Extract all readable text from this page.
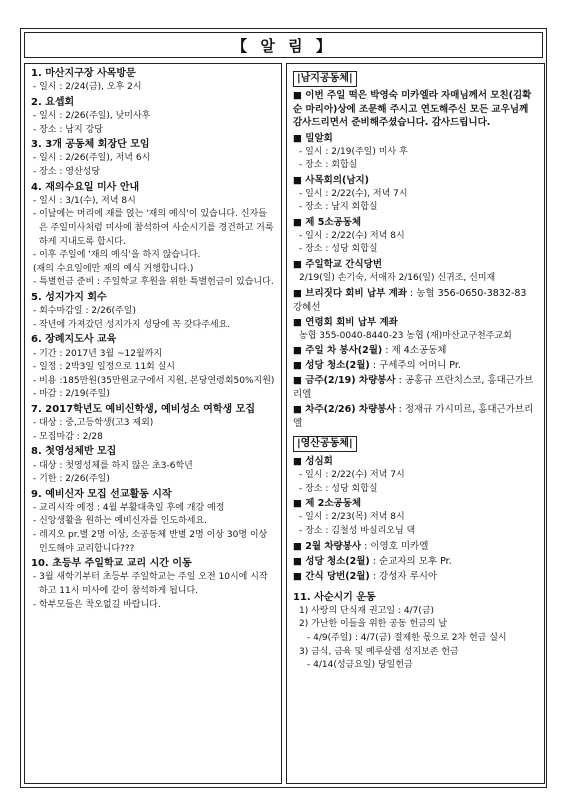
【 알 림 】
1. 마산지구장 사목방문
- 일시 : 2/24(금), 오후 2시
2. 요셉회
- 일시 : 2/26(주일), 낮미사후
- 장소 : 남지 강당
3. 3개 공동체 회장단 모임
- 일시 : 2/26(주일), 저녁 6시
- 장소 : 영산성당
4. 재의수요일 미사 안내
- 일시 : 3/1(수), 저녁 8시
- 이날에는 머리에 재를 얹는 '재의 예식'이 있습니다. 신자들은 주일미사처럼 미사에 참석하여 사순시기를 경건하고 거룩하게 지내도록 합시다.
- 이후 주일에 '재의 예식'을 하지 않습니다.
(재의 수요일에만 재의 예식 거행합니다.)
- 특별헌금 준비 : 주일학교 후원을 위한 특별헌금이 있습니다.
5. 성지가지 회수
- 회수마감일 : 2/26(주일)
- 작년에 가져갔던 성지가지 성당에 꼭 갖다주세요.
6. 장례지도사 교육
- 기간 : 2017년 3월 ~12월까지
- 일정 : 2박3일 일정으로 11회 실시
- 비용 :185만원(35만원교구에서 지원, 본당연령회50%지원)
- 마감 : 2/19(주일)
7. 2017학년도 예비신학생, 예비성소 여학생 모집
- 대상 : 중,고등학생(고3 제외)
- 모집마감 : 2/28
8. 첫영성체반 모집
- 대상 : 첫영성체를 하지 않은 초3-6학년
- 기한 : 2/26(주일)
9. 예비신자 모집 선교활동 시작
- 교리시작 예정 : 4월 부활대축일 후에 개강 예정
- 신앙생활을 원하는 예비신자를 인도하세요.
- 레지오 pr.별 2명 이상, 소공동체 반별 2명 이상 30명 이상 인도해야 교리합니다???
10. 초등부 주일학교 교리 시간 이동
- 3월 새학기부터 초등부 주일학교는 주일 오전 10시에 시작하고 11시 미사에 같이 참석하게 됩니다.
- 학부모들은 착오없길 바랍니다.
|남지공동체|
■ 이번 주일 떡은 박영숙 미카엘라 자매님께서 모친(김확순 마리아)상에 조문해 주시고 연도해주신 모든 교우님께 감사드리면서 준비해주셨습니다. 감사드립니다.
■ 밀알회
- 일시 : 2/19(주일) 미사 후
- 장소 : 회합실
■ 사목회의(남지)
- 일시 : 2/22(수), 저녁 7시
- 장소 : 남지 회합실
■ 제 5소공동체
- 일시 : 2/22(수) 저녁 8시
- 장소 : 성당 회합실
■ 주일학교 간식당번
2/19(일) 손기숙, 서애자 2/16(일) 신귀조, 신미재
■ 브리짓다 회비 납부 계좌 : 농협 356-0650-3832-83 강혜선
■ 연령회 회비 납부 계좌
농협 355-0040-8440-23 농협 (재)마산교구천주교회
■ 주일 차 봉사(2월) : 제 4소공동체
■ 성당 청소(2월) : 구세주의 어머니 Pr.
■ 금주(2/19) 차량봉사 : 공홍규 프란치스코, 홍대근가브리엘
■ 차주(2/26) 차량봉사 : 정재규 가시미르, 홍대근가브리엘
|영산공동체|
■ 성심회
- 일시 : 2/22(수) 저녁 7시
- 장소 : 성당 회합실
■ 제 2소공동체
- 일시 : 2/23(목) 저녁 8시
- 장소 : 김철성 바실리오님 댁
■ 2월 차량봉사 : 이영호 미카엘
■ 성당 청소(2월) : 순교자의 모후 Pr.
■ 간식 당번(2월) : 강성자 루시아
11. 사순시기 운동
1) 사랑의 단식재 권고일 : 4/7(금)
2) 가난한 이들을 위한 공동 헌금의 날
- 4/9(주일) : 4/7(금) 절제한 몫으로 2차 헌금 실시
3) 금식, 금육 및 예루살렘 성지보존 헌금
- 4/14(성금요일) 당일헌금
